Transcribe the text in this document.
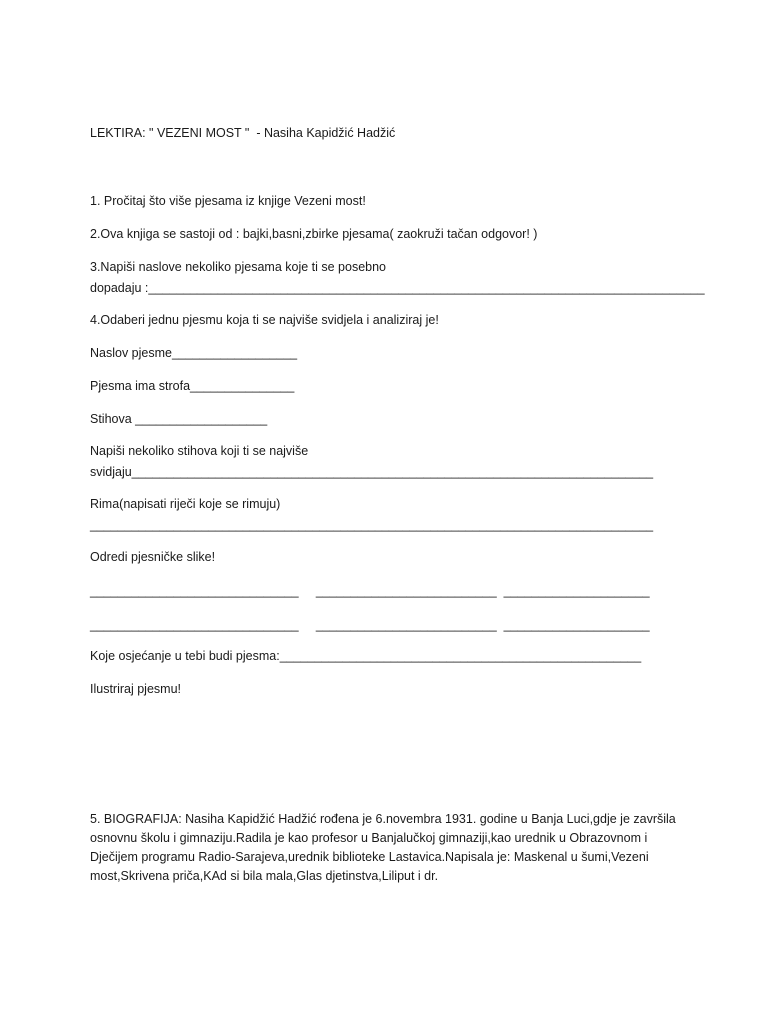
LEKTIRA: " VEZENI MOST "  - Nasiha Kapidžić Hadžić
1. Pročitaj što više pjesama iz knjige Vezeni most!
2.Ova knjiga se sastoji od : bajki,basni,zbirke pjesama( zaokruži tačan odgovor! )
3.Napiši naslove nekoliko pjesama koje ti se posebno
dopadaju :________________________________________________________________________________
4.Odaberi jednu pjesmu koja ti se najviše svidjela i analiziraj je!
Naslov pjesme__________________
Pjesma ima strofa_______________
Stihova ___________________
Napiši nekoliko stihova koji ti se najviše
svidjaju___________________________________________________________________________
Rima(napisati riječi koje se rimuju)
_________________________________________________________________________________
Odredi pjesničke slike!
______________________________     __________________________  _____________________
______________________________     __________________________  _____________________
Koje osjećanje u tebi budi pjesma:____________________________________________________
Ilustriraj pjesmu!
5. BIOGRAFIJA: Nasiha Kapidžić Hadžić rođena je 6.novembra 1931. godine u Banja Luci,gdje je završila
osnovnu školu i gimnaziju.Radila je kao profesor u Banjalučkoj gimnaziji,kao urednik u Obrazovnom i
Dječijem programu Radio-Sarajeva,urednik biblioteke Lastavica.Napisala je: Maskenal u šumi,Vezeni
most,Skrivena priča,KAd si bila mala,Glas djetinstva,Liliput i dr.
